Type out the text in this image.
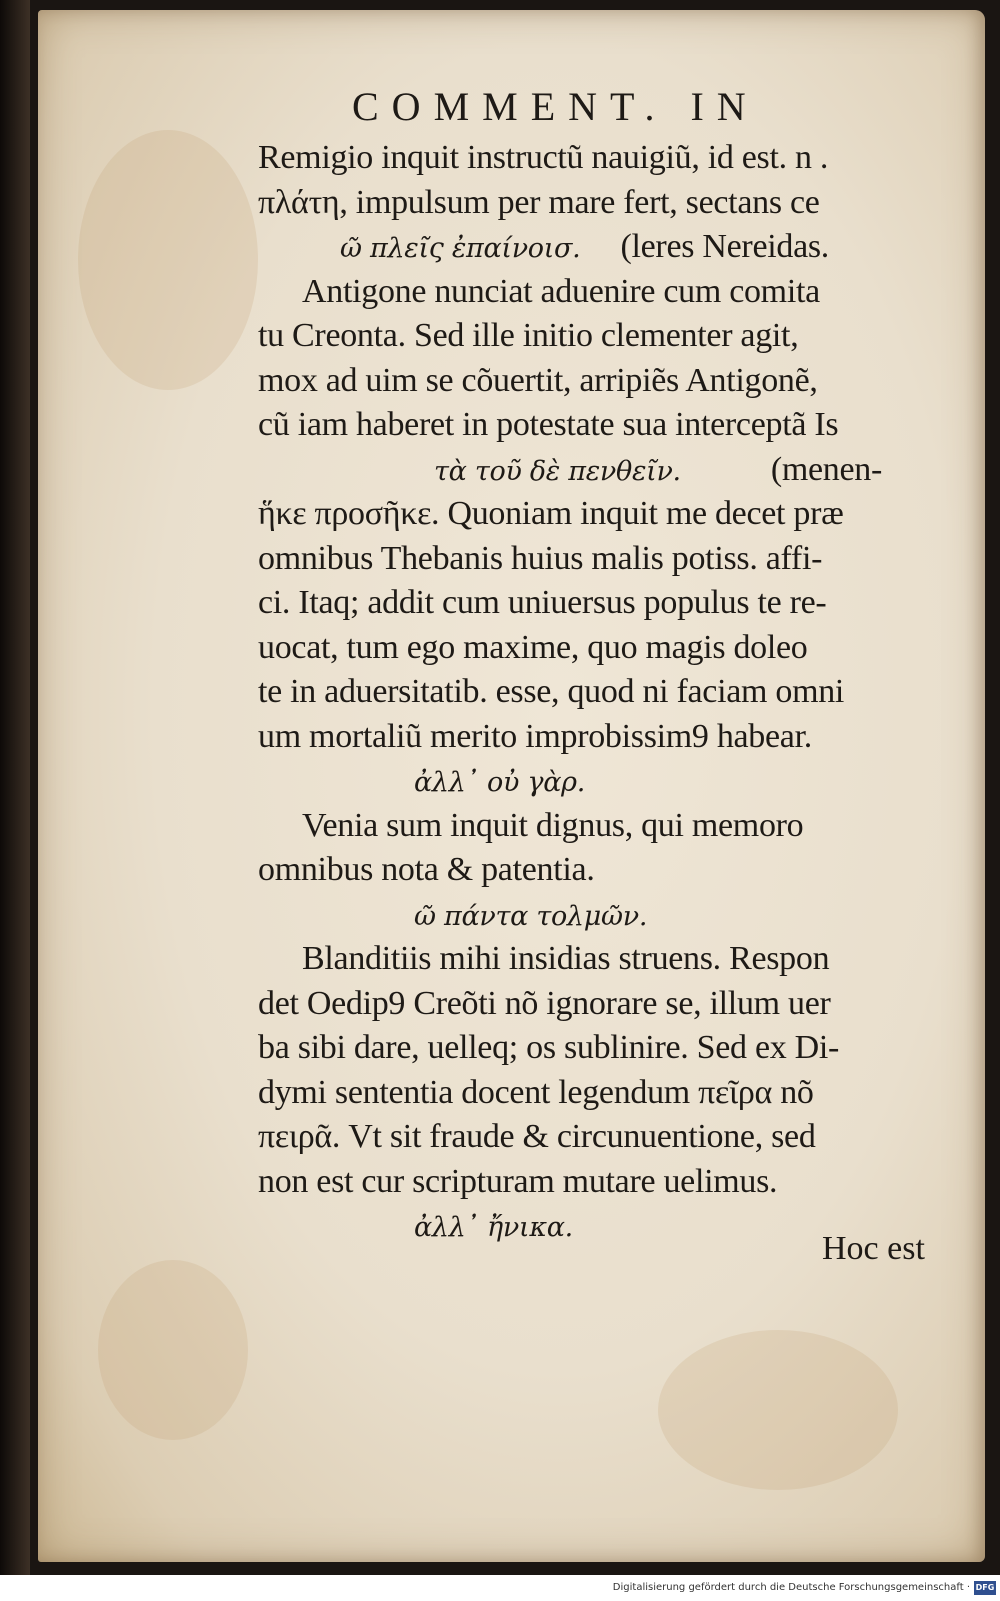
COMMENT. IN
Remigio inquit instructũ nauigiũ, id est. n .
πλάτη, impulsum per mare fert, sectans ce
ῶ πλεῖς ἐπαίνοισ. (leres Nereidas.
Antigone nunciat aduenire cum comita
tu Creonta. Sed ille initio clementer agit,
mox ad uim se cõuertit, arripiẽs Antigonẽ,
cũ iam haberet in potestate sua interceptã Is
τὰ τοῦ δὲ πενθεῖν.	(menen-
ἥκε προσῆκε. Quoniam inquit me decet præ
omnibus Thebanis huius malis potiss. affi-
ci. Itaq; addit cum uniuersus populus te re-
uocat, tum ego maxime, quo magis doleo
te in aduersitatib. esse, quod ni faciam omni
um mortaliũ merito improbissim9 habear.
ἀλλ᾽ οὐ γὰρ.
Venia sum inquit dignus, qui memoro
omnibus nota & patentia.
ῶ πάντα τολμῶν.
Blanditiis mihi insidias struens. Respon
det Oedip9 Creõti nõ ignorare se, illum uer
ba sibi dare, uelleq; os sublinire. Sed ex Di-
dymi sententia docent legendum πεῖρα nõ
πειρᾶ. Vt sit fraude & circunuentione, sed
non est cur scripturam mutare uelimus.
ἀλλ᾽ ἤνικα.
Hoc est
Digitalisierung gefördert durch die Deutsche Forschungsgemeinschaft · DFG
